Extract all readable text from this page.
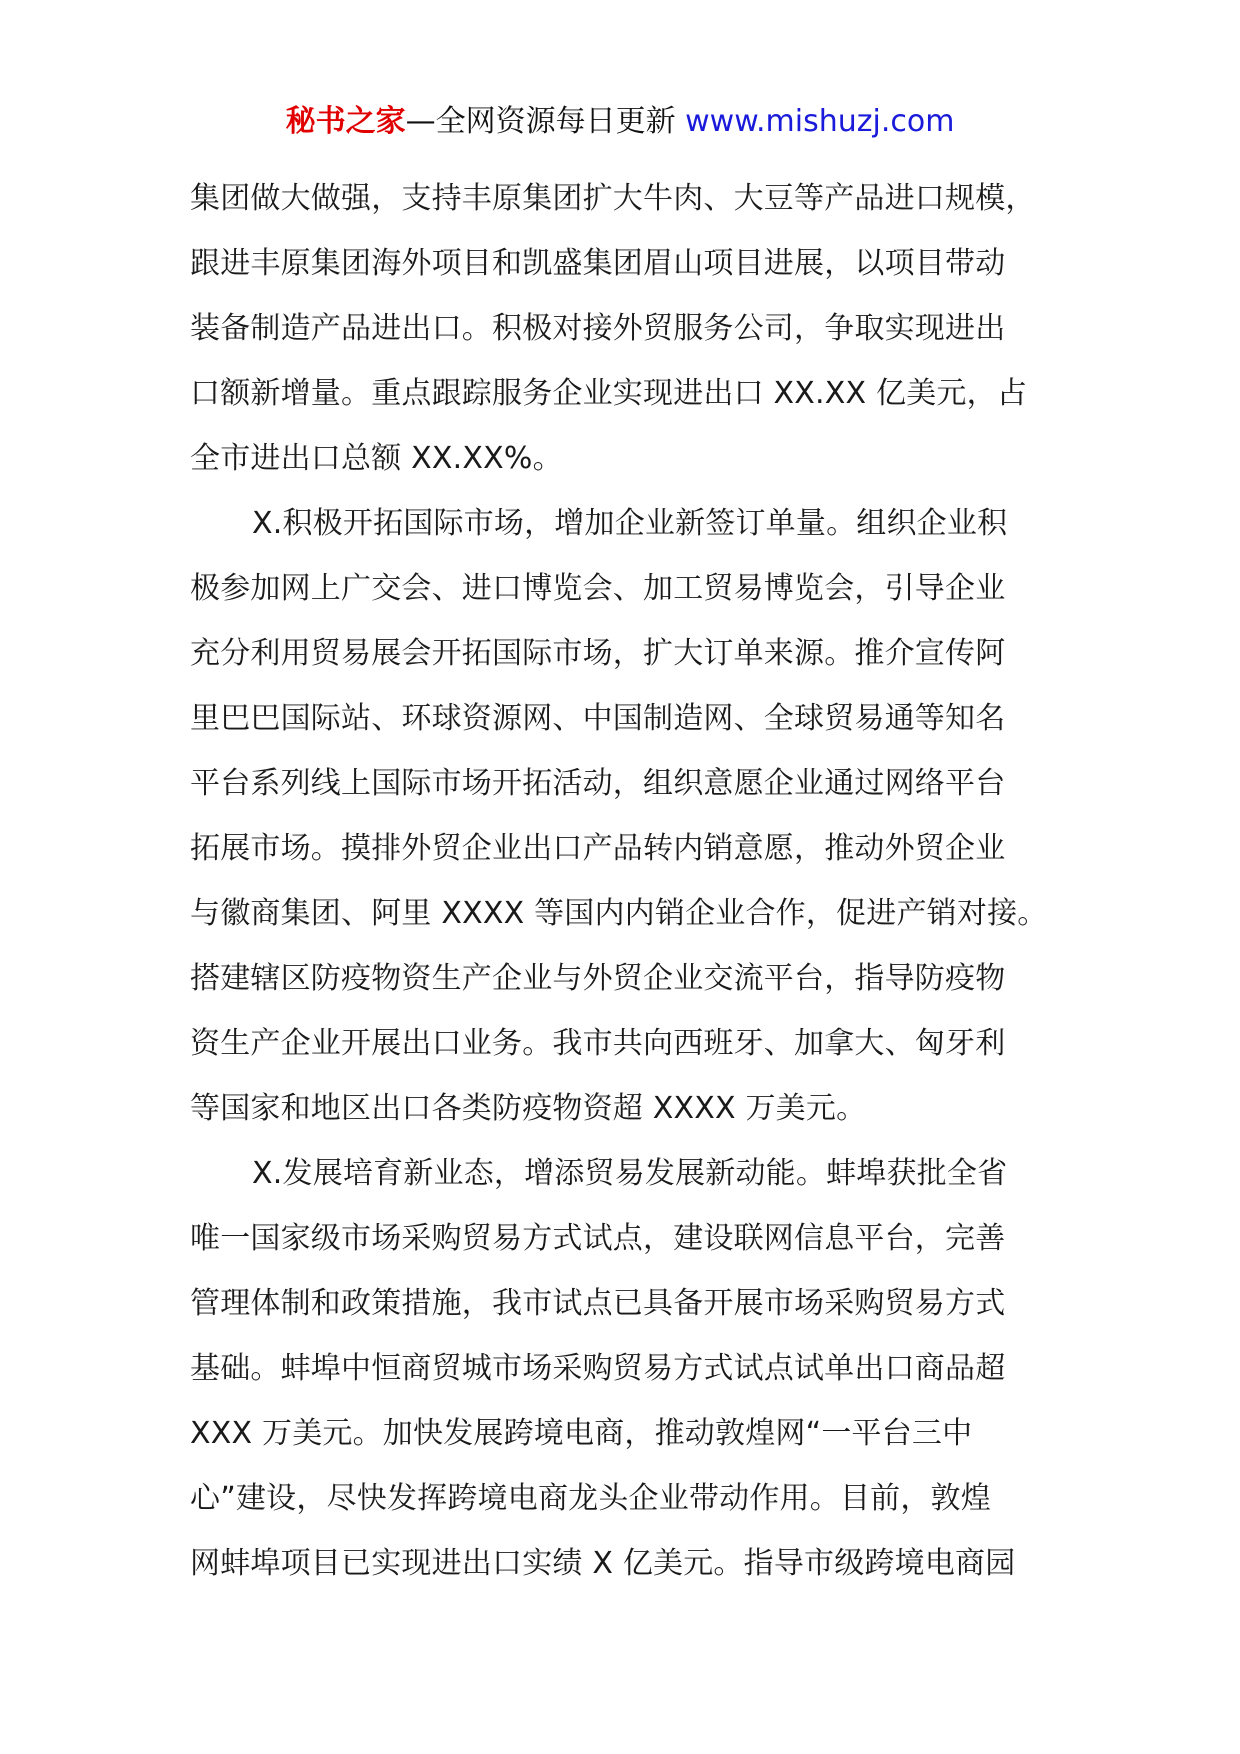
秘书之家—全网资源每日更新 www.mishuzj.com
集团做大做强，支持丰原集团扩大牛肉、大豆等产品进口规模，
跟进丰原集团海外项目和凯盛集团眉山项目进展，以项目带动
装备制造产品进出口。积极对接外贸服务公司，争取实现进出
口额新增量。重点跟踪服务企业实现进出口 XX.XX 亿美元，占
全市进出口总额 XX.XX%。
X.积极开拓国际市场，增加企业新签订单量。组织企业积
极参加网上广交会、进口博览会、加工贸易博览会，引导企业
充分利用贸易展会开拓国际市场，扩大订单来源。推介宣传阿
里巴巴国际站、环球资源网、中国制造网、全球贸易通等知名
平台系列线上国际市场开拓活动，组织意愿企业通过网络平台
拓展市场。摸排外贸企业出口产品转内销意愿，推动外贸企业
与徽商集团、阿里 XXXX 等国内内销企业合作，促进产销对接。
搭建辖区防疫物资生产企业与外贸企业交流平台，指导防疫物
资生产企业开展出口业务。我市共向西班牙、加拿大、匈牙利
等国家和地区出口各类防疫物资超 XXXX 万美元。
X.发展培育新业态，增添贸易发展新动能。蚌埠获批全省
唯一国家级市场采购贸易方式试点，建设联网信息平台，完善
管理体制和政策措施，我市试点已具备开展市场采购贸易方式
基础。蚌埠中恒商贸城市场采购贸易方式试点试单出口商品超
XXX 万美元。加快发展跨境电商，推动敦煌网“一平台三中
心”建设，尽快发挥跨境电商龙头企业带动作用。目前，敦煌
网蚌埠项目已实现进出口实绩 X 亿美元。指导市级跨境电商园
